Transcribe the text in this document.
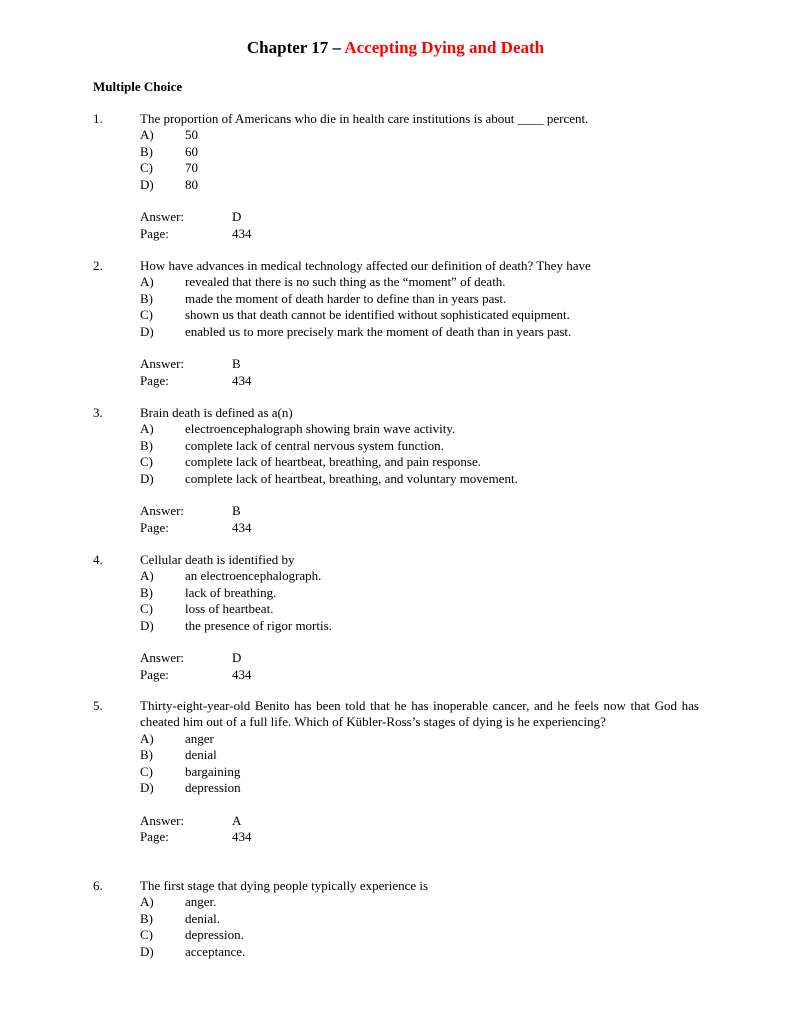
Chapter 17 – Accepting Dying and Death
Multiple Choice
1.	The proportion of Americans who die in health care institutions is about ____ percent.
A) 50
B) 60
C) 70
D) 80
Answer:	D
Page:	434
2.	How have advances in medical technology affected our definition of death? They have
A) revealed that there is no such thing as the “moment” of death.
B) made the moment of death harder to define than in years past.
C) shown us that death cannot be identified without sophisticated equipment.
D) enabled us to more precisely mark the moment of death than in years past.
Answer:	B
Page:	434
3.	Brain death is defined as a(n)
A) electroencephalograph showing brain wave activity.
B) complete lack of central nervous system function.
C) complete lack of heartbeat, breathing, and pain response.
D) complete lack of heartbeat, breathing, and voluntary movement.
Answer:	B
Page:	434
4.	Cellular death is identified by
A) an electroencephalograph.
B) lack of breathing.
C) loss of heartbeat.
D) the presence of rigor mortis.
Answer:	D
Page:	434
5.	Thirty-eight-year-old Benito has been told that he has inoperable cancer, and he feels now that God has cheated him out of a full life. Which of Kübler-Ross’s stages of dying is he experiencing?
A) anger
B) denial
C) bargaining
D) depression
Answer:	A
Page:	434
6.	The first stage that dying people typically experience is
A) anger.
B) denial.
C) depression.
D) acceptance.
